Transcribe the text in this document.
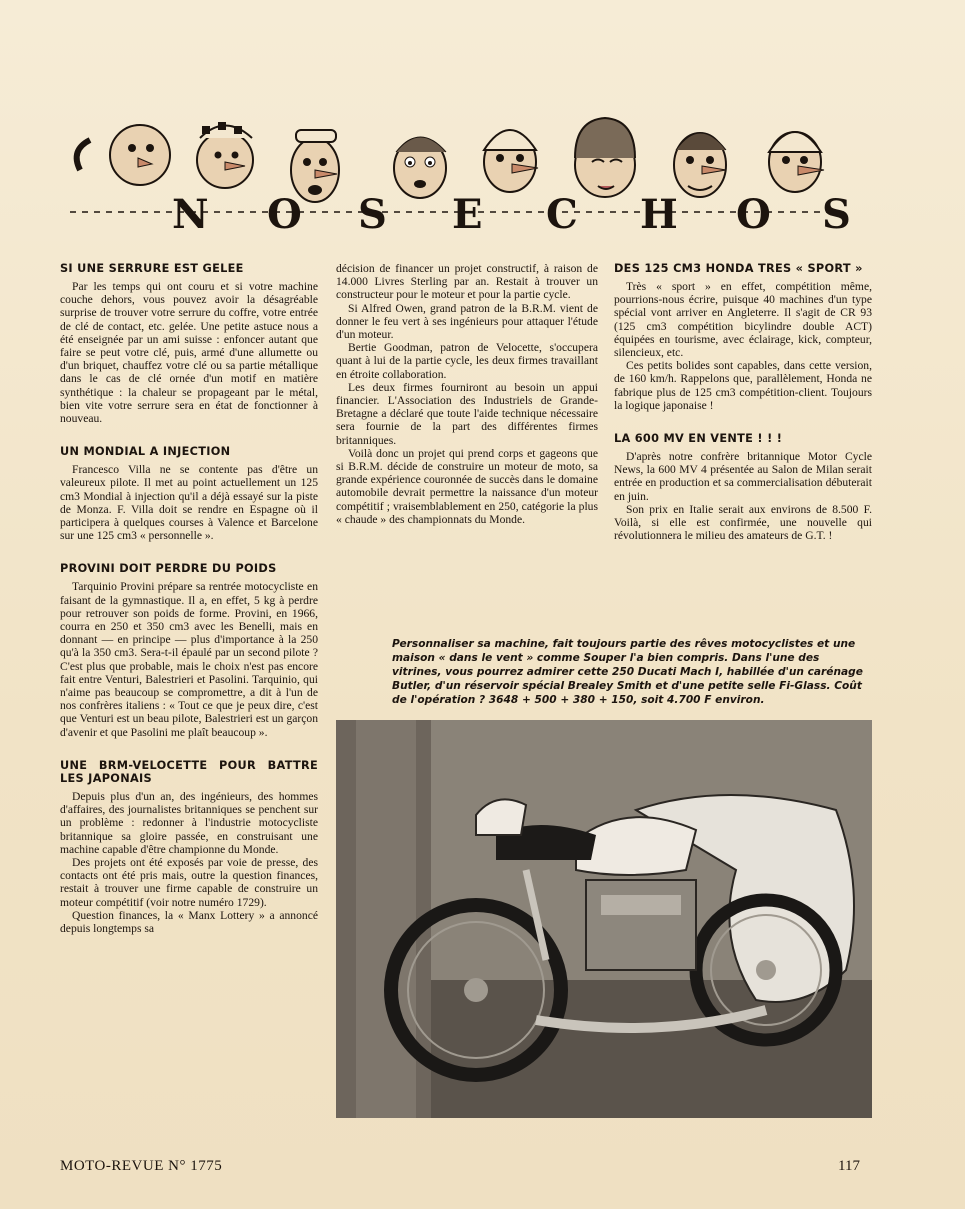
N O S E C H O S
SI UNE SERRURE EST GELEE

Par les temps qui ont couru et si votre machine couche dehors, vous pouvez avoir la désagréable surprise de trouver votre serrure du coffre, votre entrée de clé de contact, etc. gelée. Une petite astuce nous a été enseignée par un ami suisse : enfoncer autant que faire se peut votre clé, puis, armé d'une allumette ou d'un briquet, chauffez votre clé ou sa partie métallique dans le cas de clé ornée d'un motif en matière synthétique : la chaleur se propageant par le métal, bien vite votre serrure sera en état de fonctionner à nouveau.

UN MONDIAL A INJECTION

Francesco Villa ne se contente pas d'être un valeureux pilote. Il met au point actuellement un 125 cm3 Mondial à injection qu'il a déjà essayé sur la piste de Monza. F. Villa doit se rendre en Espagne où il participera à quelques courses à Valence et Barcelone sur une 125 cm3 « personnelle ».

PROVINI DOIT PERDRE DU POIDS

Tarquinio Provini prépare sa rentrée motocycliste en faisant de la gymnastique. Il a, en effet, 5 kg à perdre pour retrouver son poids de forme. Provini, en 1966, courra en 250 et 350 cm3 avec les Benelli, mais en donnant — en principe — plus d'importance à la 250 qu'à la 350 cm3. Sera-t-il épaulé par un second pilote ? C'est plus que probable, mais le choix n'est pas encore fait entre Venturi, Balestrieri et Pasolini. Tarquinio, qui n'aime pas beaucoup se compromettre, a dit à l'un de nos confrères italiens : « Tout ce que je peux dire, c'est que Venturi est un beau pilote, Balestrieri est un garçon d'avenir et que Pasolini me plaît beaucoup ».

UNE BRM-VELOCETTE POUR BATTRE LES JAPONAIS

Depuis plus d'un an, des ingénieurs, des hommes d'affaires, des journalistes britanniques se penchent sur un problème : redonner à l'industrie motocycliste britannique sa gloire passée, en construisant une machine capable d'être championne du Monde.

Des projets ont été exposés par voie de presse, des contacts ont été pris mais, outre la question finances, restait à trouver une firme capable de construire un moteur compétitif (voir notre numéro 1729).

Question finances, la « Manx Lottery » a annoncé depuis longtemps sa

décision de financer un projet constructif, à raison de 14.000 Livres Sterling par an. Restait à trouver un constructeur pour le moteur et pour la partie cycle.

Si Alfred Owen, grand patron de la B.R.M. vient de donner le feu vert à ses ingénieurs pour attaquer l'étude d'un moteur.

Bertie Goodman, patron de Velocette, s'occupera quant à lui de la partie cycle, les deux firmes travaillant en étroite collaboration.

Les deux firmes fourniront au besoin un appui financier. L'Association des Industriels de Grande-Bretagne a déclaré que toute l'aide technique nécessaire sera fournie de la part des différentes firmes britanniques.

Voilà donc un projet qui prend corps et gageons que si B.R.M. décide de construire un moteur de moto, sa grande expérience couronnée de succès dans le domaine automobile devrait permettre la naissance d'un moteur compétitif ; vraisemblablement en 250, catégorie la plus « chaude » des championnats du Monde.

DES 125 CM3 HONDA TRES « SPORT »

Très « sport » en effet, compétition même, pourrions-nous écrire, puisque 40 machines d'un type spécial vont arriver en Angleterre. Il s'agit de CR 93 (125 cm3 compétition bicylindre double ACT) équipées en tourisme, avec éclairage, kick, compteur, silencieux, etc.

Ces petits bolides sont capables, dans cette version, de 160 km/h. Rappelons que, parallèlement, Honda ne fabrique plus de 125 cm3 compétition-client. Toujours la logique japonaise !

LA 600 MV EN VENTE ! ! !

D'après notre confrère britannique Motor Cycle News, la 600 MV 4 présentée au Salon de Milan serait entrée en production et sa commercialisation débuterait en juin.

Son prix en Italie serait aux environs de 8.500 F. Voilà, si elle est confirmée, une nouvelle qui révolutionnera le milieu des amateurs de G.T. !

Personnaliser sa machine, fait toujours partie des rêves motocyclistes et une maison « dans le vent » comme Souper l'a bien compris. Dans l'une des vitrines, vous pourrez admirer cette 250 Ducati Mach I, habillée d'un carénage Butler, d'un réservoir spécial Brealey Smith et d'une petite selle Fi-Glass. Coût de l'opération ? 3648 + 500 + 380 + 150, soit 4.700 F environ.
MOTO-REVUE N° 1775	117
